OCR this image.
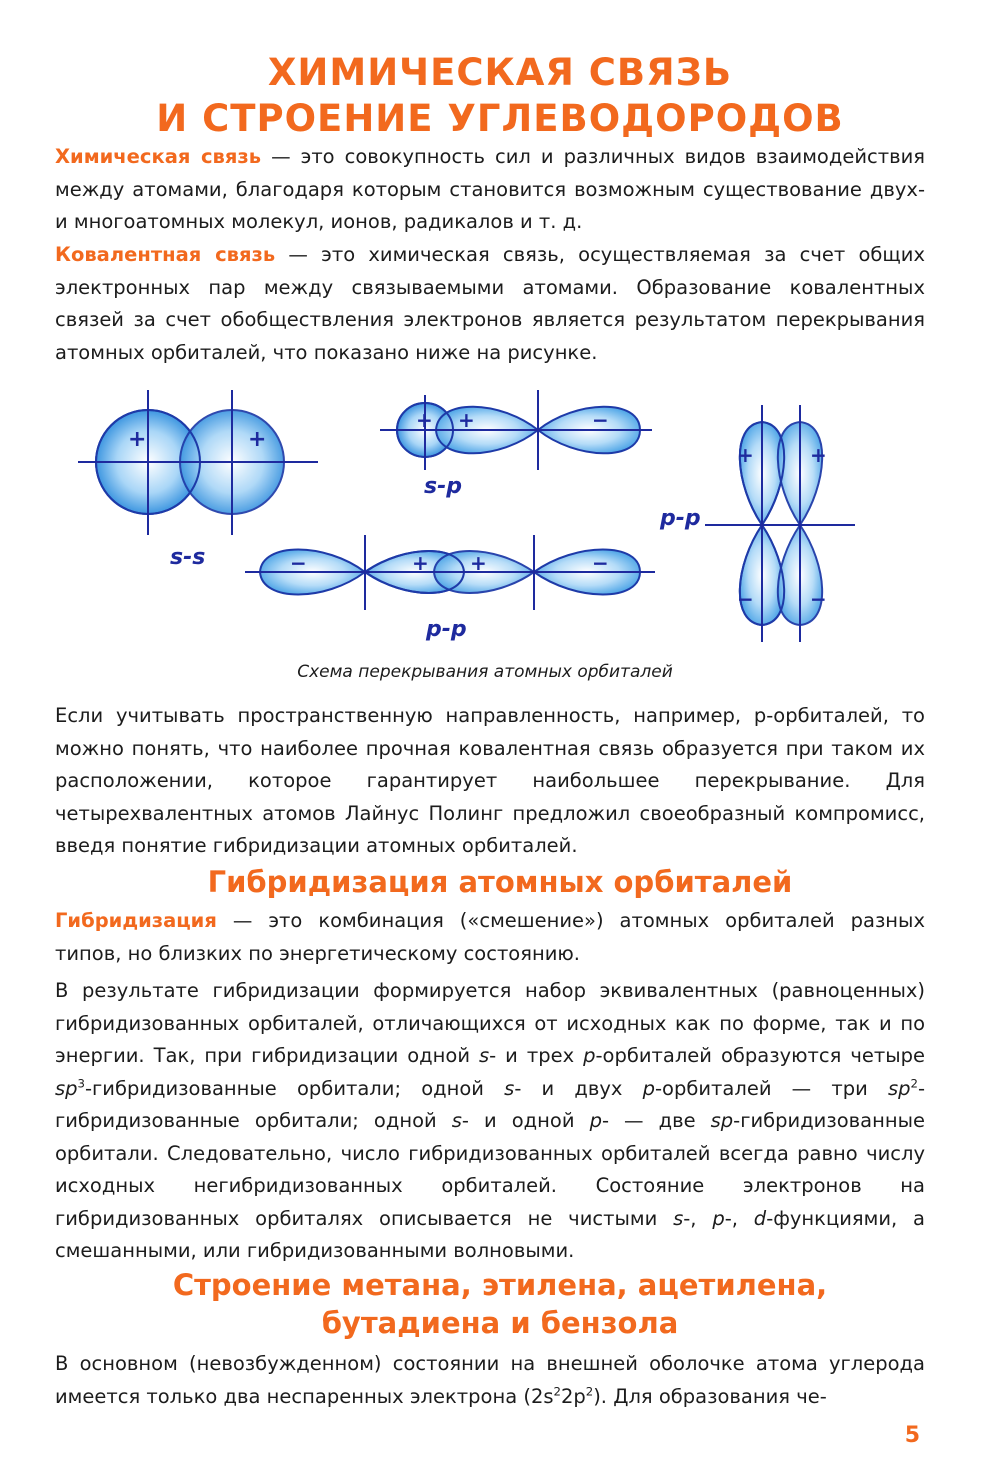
ХИМИЧЕСКАЯ СВЯЗЬ
И СТРОЕНИЕ УГЛЕВОДОРОДОВ
Химическая связь — это совокупность сил и различных видов взаимодействия между атомами, благодаря которым становится возможным существование двух- и многоатомных молекул, ионов, радикалов и т. д.
Ковалентная связь — это химическая связь, осуществляемая за счет общих электронных пар между связываемыми атомами. Образование ковалентных связей за счет обобществления электронов является результатом перекрывания атомных орбиталей, что показано ниже на рисунке.
+	+
s-s
+ +	−
s-p
−	+ +	−
p-p
+	+
−	−
p-p
Схема перекрывания атомных орбиталей
Если учитывать пространственную направленность, например, p-орбиталей, то можно понять, что наиболее прочная ковалентная связь образуется при таком их расположении, которое гарантирует наибольшее перекрывание. Для четырехвалентных атомов Лайнус Полинг предложил своеобразный компромисс, введя понятие гибридизации атомных орбиталей.
Гибридизация атомных орбиталей
Гибридизация — это комбинация («смешение») атомных орбиталей разных типов, но близких по энергетическому состоянию.
В результате гибридизации формируется набор эквивалентных (равноценных) гибридизованных орбиталей, отличающихся от исходных как по форме, так и по энергии. Так, при гибридизации одной s- и трех p-орбиталей образуются четыре $sp^3$-гибридизованные орбитали; одной s- и двух p-орбиталей — три $sp^2$-гибридизованные орбитали; одной s- и одной p- — две sp-гибридизованные орбитали. Следовательно, число гибридизованных орбиталей всегда равно числу исходных негибридизованных орбиталей. Состояние электронов на гибридизованных орбиталях описывается не чистыми s-, p-, d-функциями, а смешанными, или гибридизованными волновыми.
Строение метана, этилена, ацетилена,
бутадиена и бензола
В основном (невозбужденном) состоянии на внешней оболочке атома углерода имеется только два неспаренных электрона $(2s^22p^2)$. Для образования че-
5
